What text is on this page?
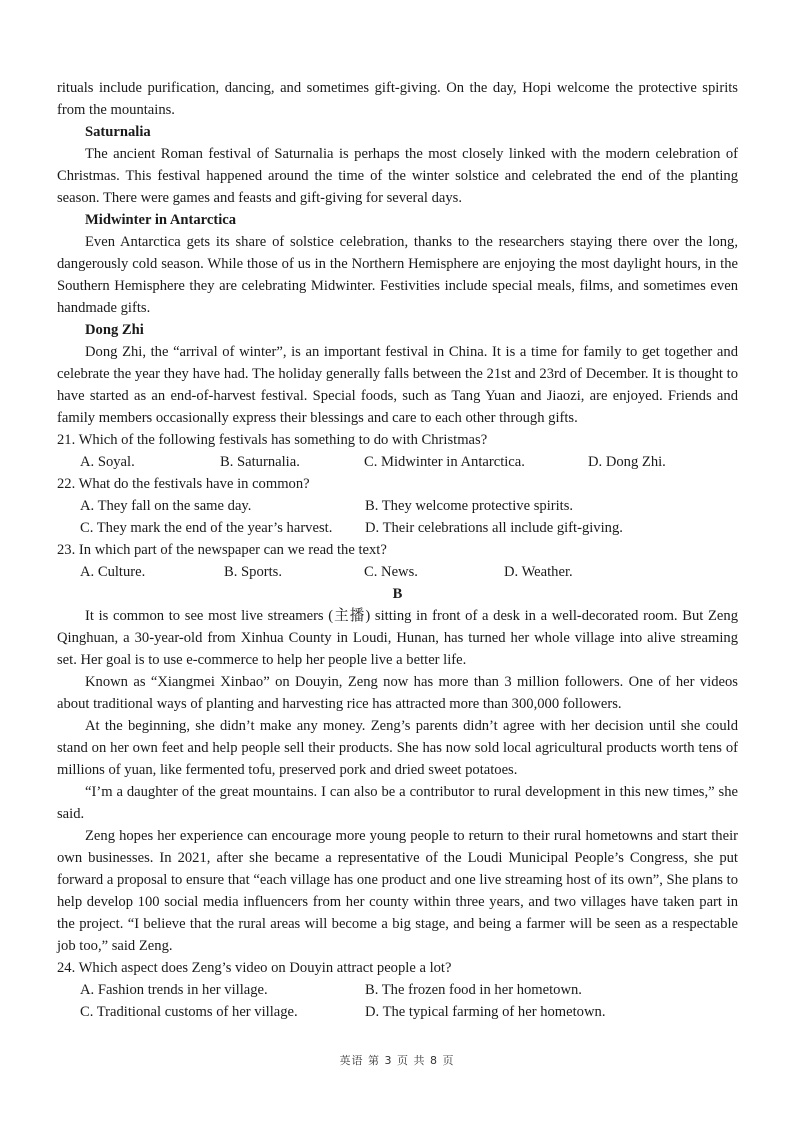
rituals include purification, dancing, and sometimes gift-giving. On the day, Hopi welcome the protective spirits from the mountains.

Saturnalia

The ancient Roman festival of Saturnalia is perhaps the most closely linked with the modern celebration of Christmas. This festival happened around the time of the winter solstice and celebrated the end of the planting season. There were games and feasts and gift-giving for several days.

Midwinter in Antarctica

Even Antarctica gets its share of solstice celebration, thanks to the researchers staying there over the long, dangerously cold season. While those of us in the Northern Hemisphere are enjoying the most daylight hours, in the Southern Hemisphere they are celebrating Midwinter. Festivities include special meals, films, and sometimes even handmade gifts.

Dong Zhi

Dong Zhi, the “arrival of winter”, is an important festival in China. It is a time for family to get together and celebrate the year they have had. The holiday generally falls between the 21st and 23rd of December. It is thought to have started as an end-of-harvest festival. Special foods, such as Tang Yuan and Jiaozi, are enjoyed. Friends and family members occasionally express their blessings and care to each other through gifts.

21. Which of the following festivals has something to do with Christmas?

A. Soyal.	B. Saturnalia.	C. Midwinter in Antarctica.	D. Dong Zhi.

22. What do the festivals have in common?

A. They fall on the same day.	B. They welcome protective spirits.
C. They mark the end of the year’s harvest. D. Their celebrations all include gift-giving.

23. In which part of the newspaper can we read the text?

A. Culture.	B. Sports.	C. News.	D. Weather.

B

It is common to see most live streamers (主播) sitting in front of a desk in a well-decorated room. But Zeng Qinghuan, a 30-year-old from Xinhua County in Loudi, Hunan, has turned her whole village into alive streaming set. Her goal is to use e-commerce to help her people live a better life.

Known as “Xiangmei Xinbao” on Douyin, Zeng now has more than 3 million followers. One of her videos about traditional ways of planting and harvesting rice has attracted more than 300,000 followers.

At the beginning, she didn’t make any money. Zeng’s parents didn’t agree with her decision until she could stand on her own feet and help people sell their products. She has now sold local agricultural products worth tens of millions of yuan, like fermented tofu, preserved pork and dried sweet potatoes.

“I’m a daughter of the great mountains. I can also be a contributor to rural development in this new times,” she said.

Zeng hopes her experience can encourage more young people to return to their rural hometowns and start their own businesses. In 2021, after she became a representative of the Loudi Municipal People’s Congress, she put forward a proposal to ensure that “each village has one product and one live streaming host of its own”, She plans to help develop 100 social media influencers from her county within three years, and two villages have taken part in the project. “I believe that the rural areas will become a big stage, and being a farmer will be seen as a respectable job too,” said Zeng.

24. Which aspect does Zeng’s video on Douyin attract people a lot?

A. Fashion trends in her village.	B. The frozen food in her hometown.
C. Traditional customs of her village.	D. The typical farming of her hometown.
英语 第 3 页 共 8 页
